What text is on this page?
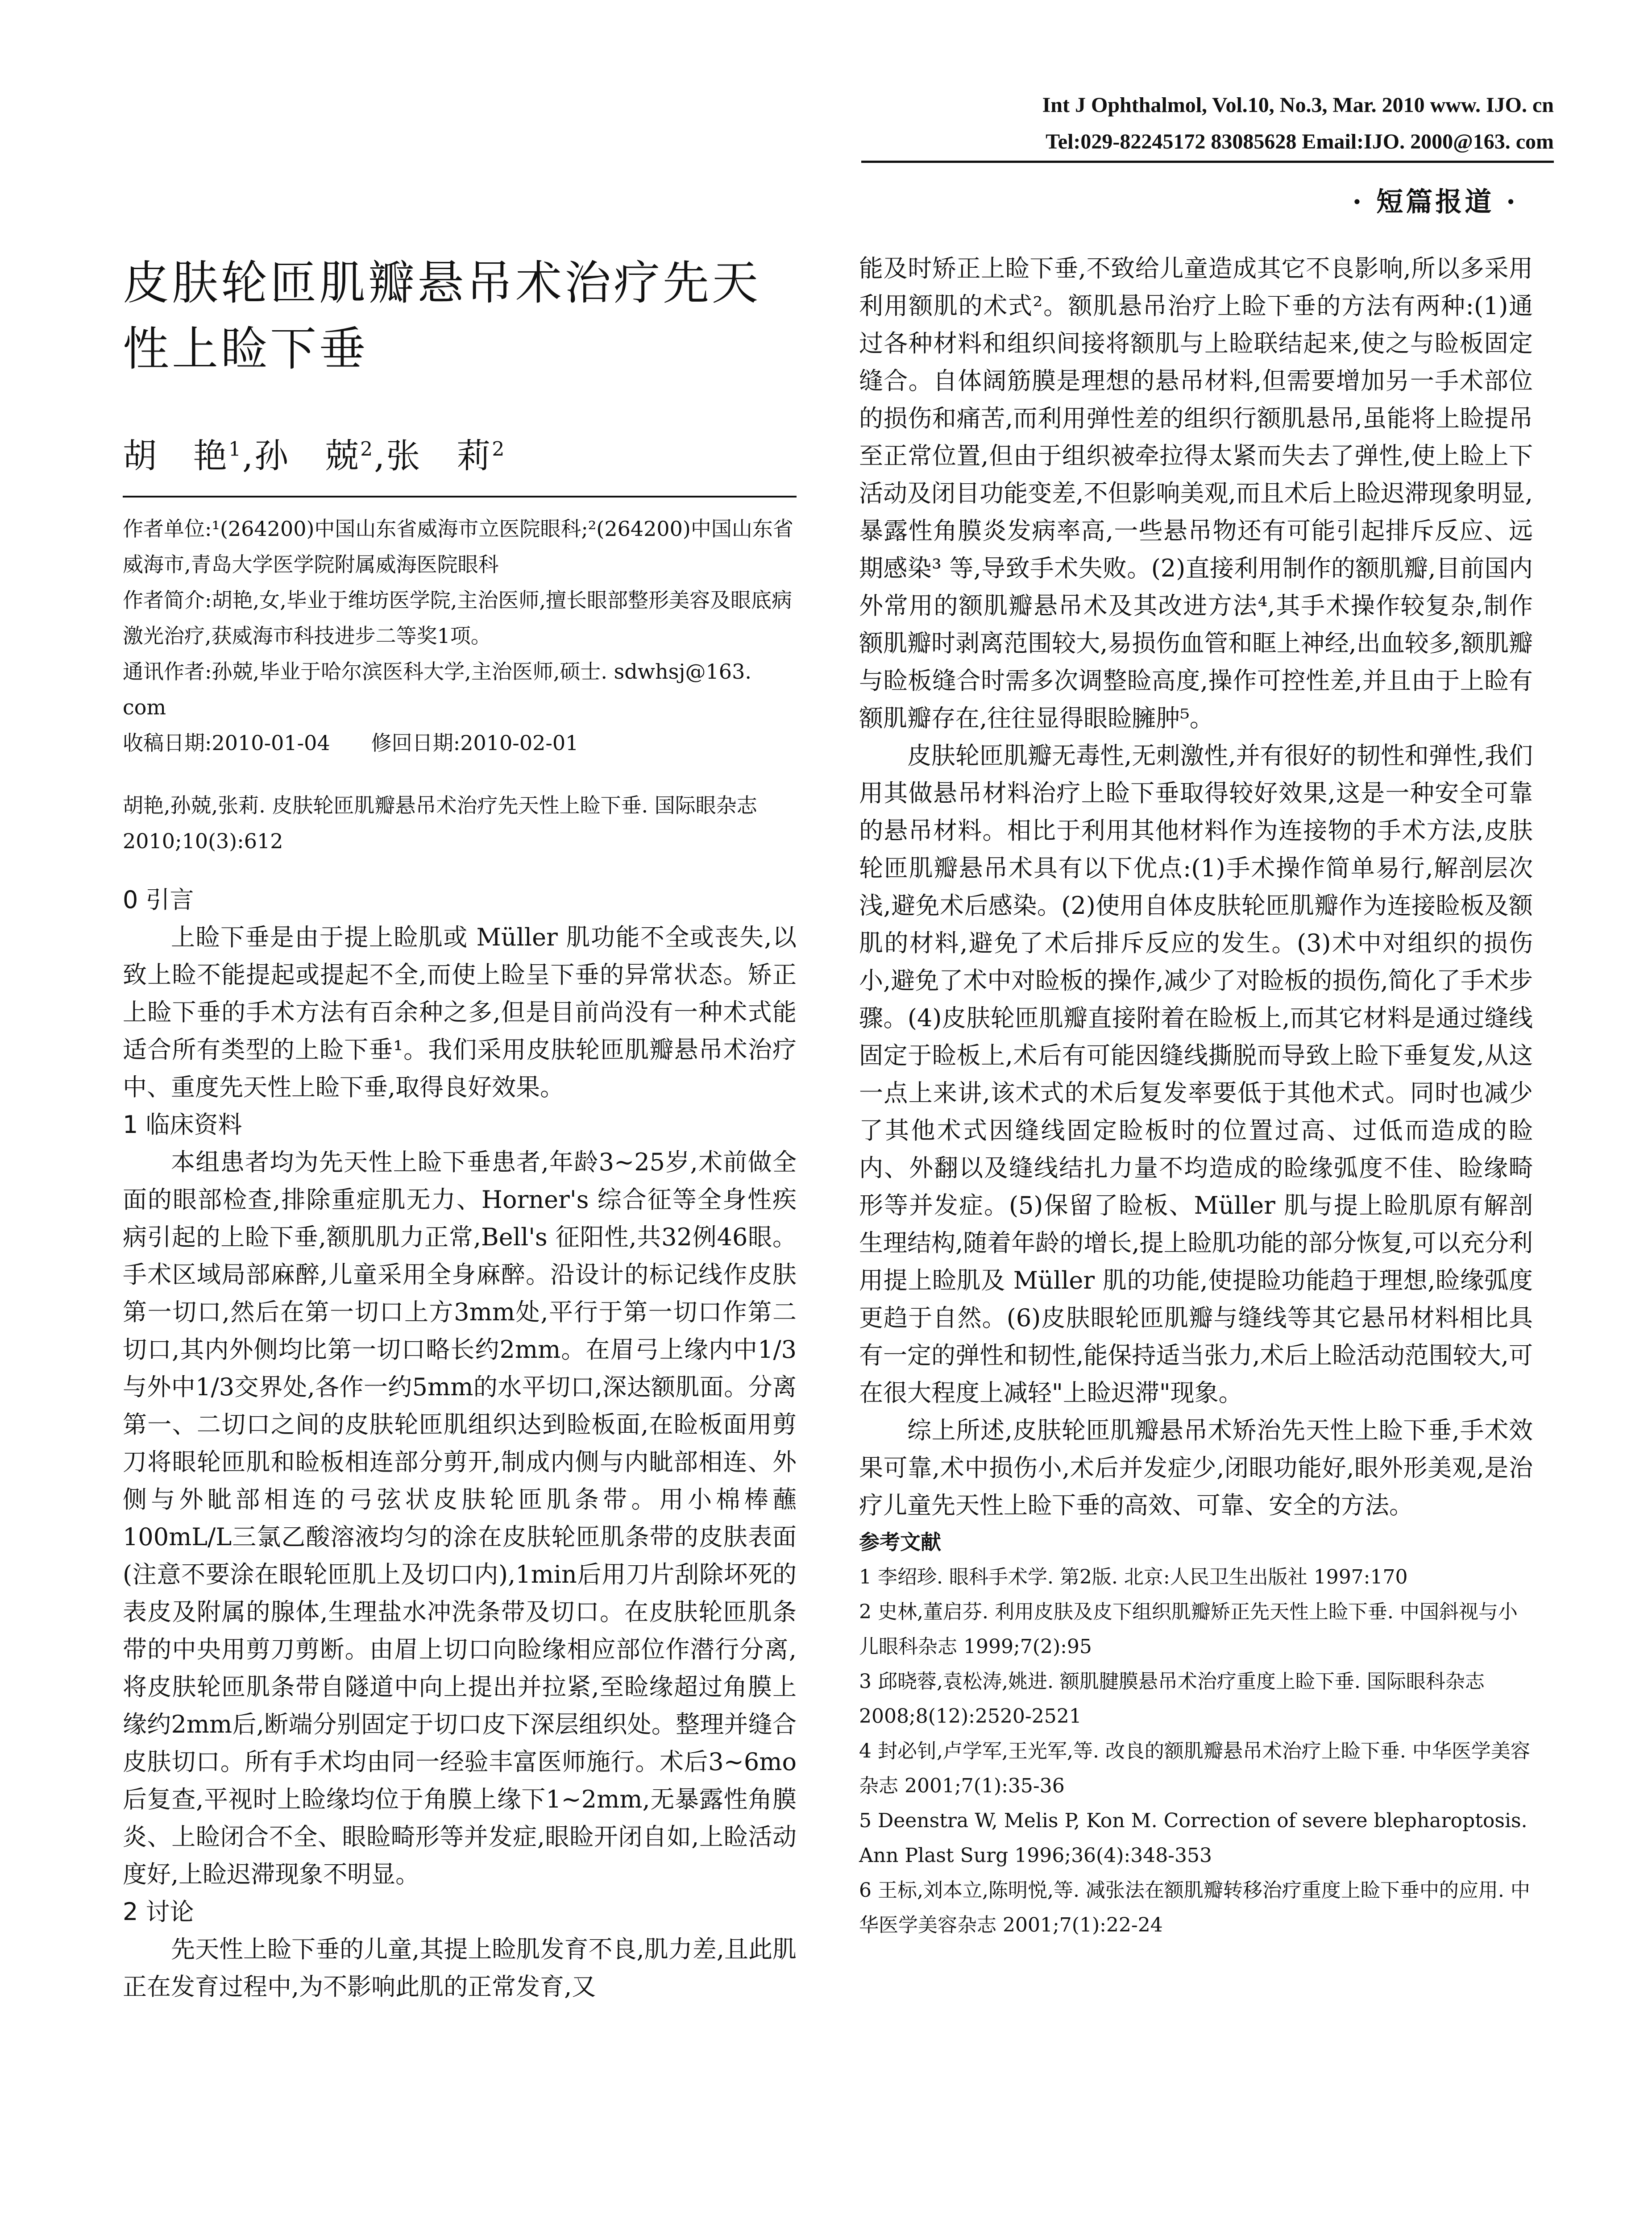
Int J Ophthalmol, Vol.10, No.3, Mar. 2010 www. IJO. cn
Tel:029-82245172 83085628 Email:IJO. 2000@163. com
· 短篇报道 ·
皮肤轮匝肌瓣悬吊术治疗先天性上睑下垂
胡　艳$^1$,孙　兢$^2$,张　莉$^2$

作者单位:¹(264200)中国山东省威海市立医院眼科;²(264200)中国山东省威海市,青岛大学医学院附属威海医院眼科

作者简介:胡艳,女,毕业于维坊医学院,主治医师,擅长眼部整形美容及眼底病激光治疗,获威海市科技进步二等奖1项。

通讯作者:孙兢,毕业于哈尔滨医科大学,主治医师,硕士. sdwhsj@163. com

收稿日期:2010-01-04　　修回日期:2010-02-01

胡艳,孙兢,张莉. 皮肤轮匝肌瓣悬吊术治疗先天性上睑下垂. 国际眼杂志 2010;10(3):612

0 引言

上睑下垂是由于提上睑肌或 Müller 肌功能不全或丧失,以致上睑不能提起或提起不全,而使上睑呈下垂的异常状态。矫正上睑下垂的手术方法有百余种之多,但是目前尚没有一种术式能适合所有类型的上睑下垂¹。我们采用皮肤轮匝肌瓣悬吊术治疗中、重度先天性上睑下垂,取得良好效果。

1 临床资料

本组患者均为先天性上睑下垂患者,年龄3~25岁,术前做全面的眼部检查,排除重症肌无力、Horner's 综合征等全身性疾病引起的上睑下垂,额肌肌力正常,Bell's 征阳性,共32例46眼。手术区域局部麻醉,儿童采用全身麻醉。沿设计的标记线作皮肤第一切口,然后在第一切口上方3mm处,平行于第一切口作第二切口,其内外侧均比第一切口略长约2mm。在眉弓上缘内中1/3与外中1/3交界处,各作一约5mm的水平切口,深达额肌面。分离第一、二切口之间的皮肤轮匝肌组织达到睑板面,在睑板面用剪刀将眼轮匝肌和睑板相连部分剪开,制成内侧与内眦部相连、外侧与外眦部相连的弓弦状皮肤轮匝肌条带。用小棉棒蘸100mL/L三氯乙酸溶液均匀的涂在皮肤轮匝肌条带的皮肤表面(注意不要涂在眼轮匝肌上及切口内),1min后用刀片刮除坏死的表皮及附属的腺体,生理盐水冲洗条带及切口。在皮肤轮匝肌条带的中央用剪刀剪断。由眉上切口向睑缘相应部位作潜行分离,将皮肤轮匝肌条带自隧道中向上提出并拉紧,至睑缘超过角膜上缘约2mm后,断端分别固定于切口皮下深层组织处。整理并缝合皮肤切口。所有手术均由同一经验丰富医师施行。术后3~6mo后复查,平视时上睑缘均位于角膜上缘下1~2mm,无暴露性角膜炎、上睑闭合不全、眼睑畸形等并发症,眼睑开闭自如,上睑活动度好,上睑迟滞现象不明显。

2 讨论

先天性上睑下垂的儿童,其提上睑肌发育不良,肌力差,且此肌正在发育过程中,为不影响此肌的正常发育,又

能及时矫正上睑下垂,不致给儿童造成其它不良影响,所以多采用利用额肌的术式²。额肌悬吊治疗上睑下垂的方法有两种:(1)通过各种材料和组织间接将额肌与上睑联结起来,使之与睑板固定缝合。自体阔筋膜是理想的悬吊材料,但需要增加另一手术部位的损伤和痛苦,而利用弹性差的组织行额肌悬吊,虽能将上睑提吊至正常位置,但由于组织被牵拉得太紧而失去了弹性,使上睑上下活动及闭目功能变差,不但影响美观,而且术后上睑迟滞现象明显,暴露性角膜炎发病率高,一些悬吊物还有可能引起排斥反应、远期感染³ 等,导致手术失败。(2)直接利用制作的额肌瓣,目前国内外常用的额肌瓣悬吊术及其改进方法⁴,其手术操作较复杂,制作额肌瓣时剥离范围较大,易损伤血管和眶上神经,出血较多,额肌瓣与睑板缝合时需多次调整睑高度,操作可控性差,并且由于上睑有额肌瓣存在,往往显得眼睑臃肿⁵。

皮肤轮匝肌瓣无毒性,无刺激性,并有很好的韧性和弹性,我们用其做悬吊材料治疗上睑下垂取得较好效果,这是一种安全可靠的悬吊材料。相比于利用其他材料作为连接物的手术方法,皮肤轮匝肌瓣悬吊术具有以下优点:(1)手术操作简单易行,解剖层次浅,避免术后感染。(2)使用自体皮肤轮匝肌瓣作为连接睑板及额肌的材料,避免了术后排斥反应的发生。(3)术中对组织的损伤小,避免了术中对睑板的操作,减少了对睑板的损伤,简化了手术步骤。(4)皮肤轮匝肌瓣直接附着在睑板上,而其它材料是通过缝线固定于睑板上,术后有可能因缝线撕脱而导致上睑下垂复发,从这一点上来讲,该术式的术后复发率要低于其他术式。同时也减少了其他术式因缝线固定睑板时的位置过高、过低而造成的睑内、外翻以及缝线结扎力量不均造成的睑缘弧度不佳、睑缘畸形等并发症。(5)保留了睑板、Müller 肌与提上睑肌原有解剖生理结构,随着年龄的增长,提上睑肌功能的部分恢复,可以充分利用提上睑肌及 Müller 肌的功能,使提睑功能趋于理想,睑缘弧度更趋于自然。(6)皮肤眼轮匝肌瓣与缝线等其它悬吊材料相比具有一定的弹性和韧性,能保持适当张力,术后上睑活动范围较大,可在很大程度上减轻"上睑迟滞"现象。

综上所述,皮肤轮匝肌瓣悬吊术矫治先天性上睑下垂,手术效果可靠,术中损伤小,术后并发症少,闭眼功能好,眼外形美观,是治疗儿童先天性上睑下垂的高效、可靠、安全的方法。

参考文献

1 李绍珍. 眼科手术学. 第2版. 北京:人民卫生出版社 1997:170

2 史林,董启芬. 利用皮肤及皮下组织肌瓣矫正先天性上睑下垂. 中国斜视与小儿眼科杂志 1999;7(2):95

3 邱晓蓉,袁松涛,姚进. 额肌腱膜悬吊术治疗重度上睑下垂. 国际眼科杂志 2008;8(12):2520-2521

4 封必钊,卢学军,王光军,等. 改良的额肌瓣悬吊术治疗上睑下垂. 中华医学美容杂志 2001;7(1):35-36

5 Deenstra W, Melis P, Kon M. Correction of severe blepharoptosis. Ann Plast Surg 1996;36(4):348-353

6 王标,刘本立,陈明悦,等. 减张法在额肌瓣转移治疗重度上睑下垂中的应用. 中华医学美容杂志 2001;7(1):22-24
